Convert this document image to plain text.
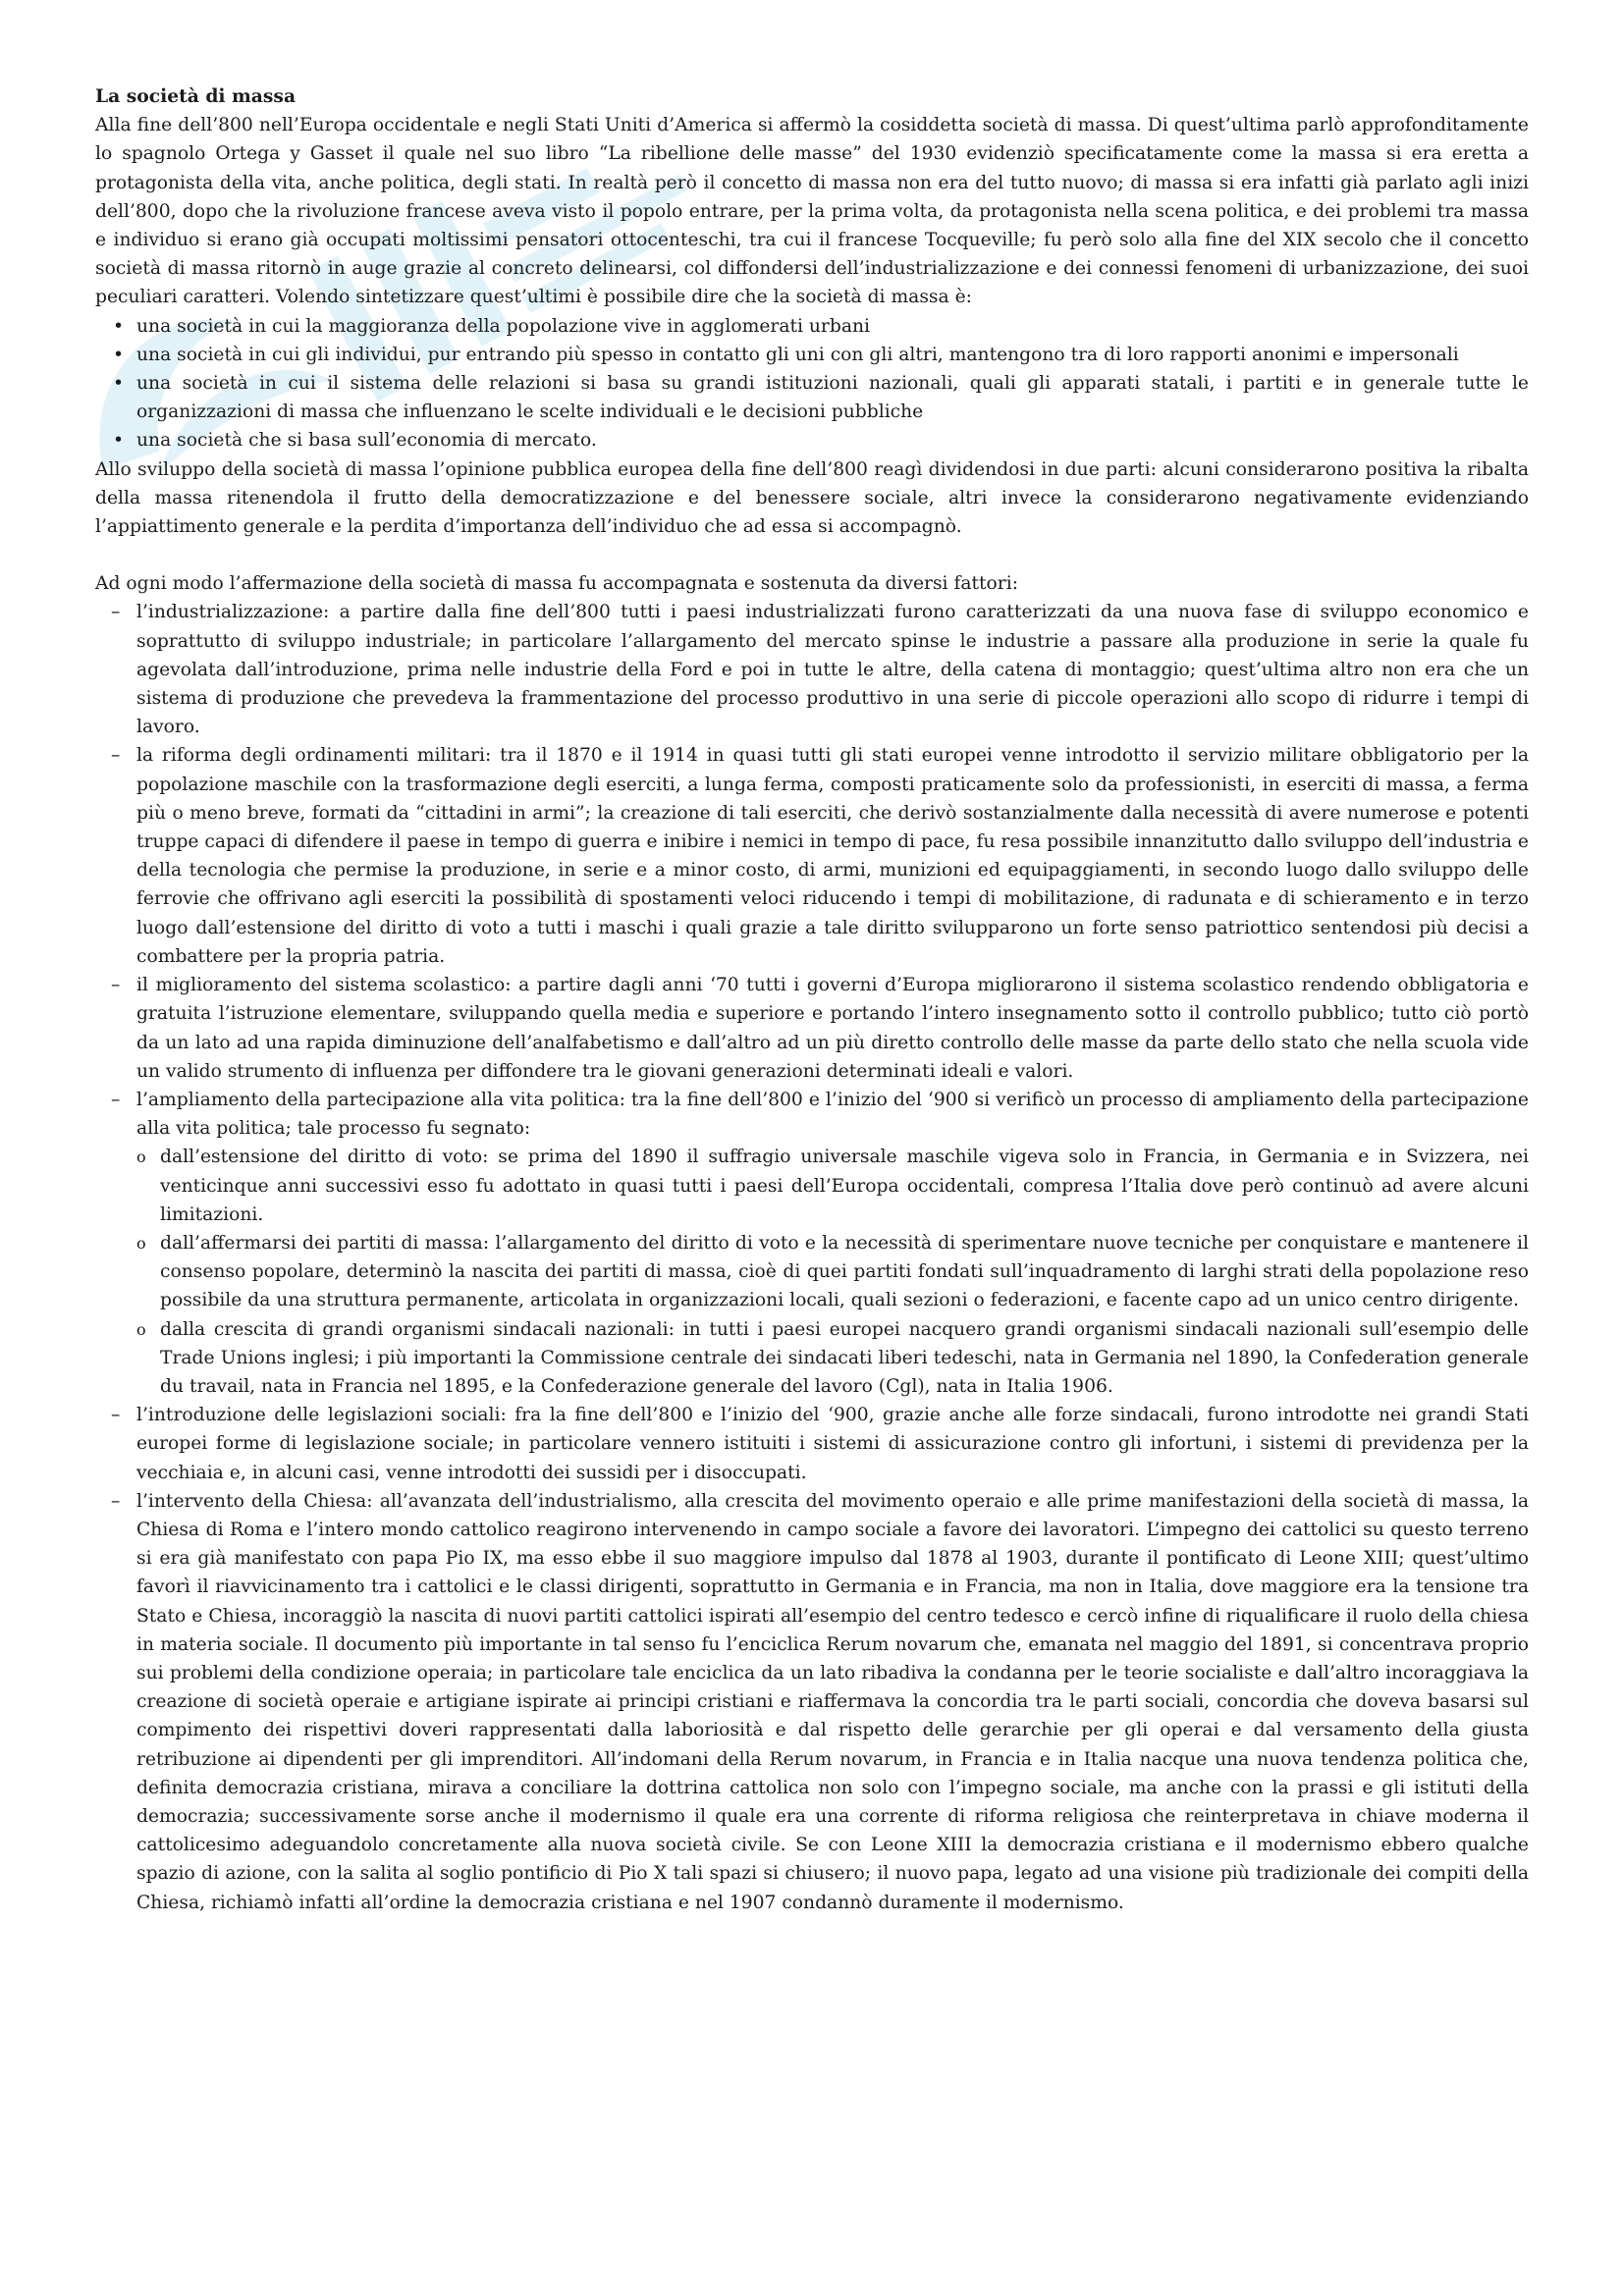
La società di massa

Alla fine dell’800 nell’Europa occidentale e negli Stati Uniti d’America si affermò la cosiddetta società di massa. Di quest’ultima parlò approfonditamente lo spagnolo Ortega y Gasset il quale nel suo libro “La ribellione delle masse” del 1930 evidenziò specificatamente come la massa si era eretta a protagonista della vita, anche politica, degli stati. In realtà però il concetto di massa non era del tutto nuovo; di massa si era infatti già parlato agli inizi dell’800, dopo che la rivoluzione francese aveva visto il popolo entrare, per la prima volta, da protagonista nella scena politica, e dei problemi tra massa e individuo si erano già occupati moltissimi pensatori ottocenteschi, tra cui il francese Tocqueville; fu però solo alla fine del XIX secolo che il concetto società di massa ritornò in auge grazie al concreto delinearsi, col diffondersi dell’industrializzazione e dei connessi fenomeni di urbanizzazione, dei suoi peculiari caratteri. Volendo sintetizzare quest’ultimi è possibile dire che la società di massa è:

• una società in cui la maggioranza della popolazione vive in agglomerati urbani
• una società in cui gli individui, pur entrando più spesso in contatto gli uni con gli altri, mantengono tra di loro rapporti anonimi e impersonali
• una società in cui il sistema delle relazioni si basa su grandi istituzioni nazionali, quali gli apparati statali, i partiti e in generale tutte le organizzazioni di massa che influenzano le scelte individuali e le decisioni pubbliche
• una società che si basa sull’economia di mercato.

Allo sviluppo della società di massa l’opinione pubblica europea della fine dell’800 reagì dividendosi in due parti: alcuni considerarono positiva la ribalta della massa ritenendola il frutto della democratizzazione e del benessere sociale, altri invece la considerarono negativamente evidenziando l’appiattimento generale e la perdita d’importanza dell’individuo che ad essa si accompagnò.

Ad ogni modo l’affermazione della società di massa fu accompagnata e sostenuta da diversi fattori:

– l’industrializzazione: a partire dalla fine dell’800 tutti i paesi industrializzati furono caratterizzati da una nuova fase di sviluppo economico e soprattutto di sviluppo industriale; in particolare l’allargamento del mercato spinse le industrie a passare alla produzione in serie la quale fu agevolata dall’introduzione, prima nelle industrie della Ford e poi in tutte le altre, della catena di montaggio; quest’ultima altro non era che un sistema di produzione che prevedeva la frammentazione del processo produttivo in una serie di piccole operazioni allo scopo di ridurre i tempi di lavoro.
– la riforma degli ordinamenti militari: tra il 1870 e il 1914 in quasi tutti gli stati europei venne introdotto il servizio militare obbligatorio per la popolazione maschile con la trasformazione degli eserciti, a lunga ferma, composti praticamente solo da professionisti, in eserciti di massa, a ferma più o meno breve, formati da “cittadini in armi”; la creazione di tali eserciti, che derivò sostanzialmente dalla necessità di avere numerose e potenti truppe capaci di difendere il paese in tempo di guerra e inibire i nemici in tempo di pace, fu resa possibile innanzitutto dallo sviluppo dell’industria e della tecnologia che permise la produzione, in serie e a minor costo, di armi, munizioni ed equipaggiamenti, in secondo luogo dallo sviluppo delle ferrovie che offrivano agli eserciti la possibilità di spostamenti veloci riducendo i tempi di mobilitazione, di radunata e di schieramento e in terzo luogo dall’estensione del diritto di voto a tutti i maschi i quali grazie a tale diritto svilupparono un forte senso patriottico sentendosi più decisi a combattere per la propria patria.
– il miglioramento del sistema scolastico: a partire dagli anni ‘70 tutti i governi d’Europa migliorarono il sistema scolastico rendendo obbligatoria e gratuita l’istruzione elementare, sviluppando quella media e superiore e portando l’intero insegnamento sotto il controllo pubblico; tutto ciò portò da un lato ad una rapida diminuzione dell’analfabetismo e dall’altro ad un più diretto controllo delle masse da parte dello stato che nella scuola vide un valido strumento di influenza per diffondere tra le giovani generazioni determinati ideali e valori.
– l’ampliamento della partecipazione alla vita politica: tra la fine dell’800 e l’inizio del ‘900 si verificò un processo di ampliamento della partecipazione alla vita politica; tale processo fu segnato:
o dall’estensione del diritto di voto: se prima del 1890 il suffragio universale maschile vigeva solo in Francia, in Germania e in Svizzera, nei venticinque anni successivi esso fu adottato in quasi tutti i paesi dell’Europa occidentali, compresa l’Italia dove però continuò ad avere alcuni limitazioni.
o dall’affermarsi dei partiti di massa: l’allargamento del diritto di voto e la necessità di sperimentare nuove tecniche per conquistare e mantenere il consenso popolare, determinò la nascita dei partiti di massa, cioè di quei partiti fondati sull’inquadramento di larghi strati della popolazione reso possibile da una struttura permanente, articolata in organizzazioni locali, quali sezioni o federazioni, e facente capo ad un unico centro dirigente.
o dalla crescita di grandi organismi sindacali nazionali: in tutti i paesi europei nacquero grandi organismi sindacali nazionali sull’esempio delle Trade Unions inglesi; i più importanti la Commissione centrale dei sindacati liberi tedeschi, nata in Germania nel 1890, la Confederation generale du travail, nata in Francia nel 1895, e la Confederazione generale del lavoro (Cgl), nata in Italia 1906.
– l’introduzione delle legislazioni sociali: fra la fine dell’800 e l’inizio del ‘900, grazie anche alle forze sindacali, furono introdotte nei grandi Stati europei forme di legislazione sociale; in particolare vennero istituiti i sistemi di assicurazione contro gli infortuni, i sistemi di previdenza per la vecchiaia e, in alcuni casi, venne introdotti dei sussidi per i disoccupati.
– l’intervento della Chiesa: all’avanzata dell’industrialismo, alla crescita del movimento operaio e alle prime manifestazioni della società di massa, la Chiesa di Roma e l’intero mondo cattolico reagirono intervenendo in campo sociale a favore dei lavoratori. L’impegno dei cattolici su questo terreno si era già manifestato con papa Pio IX, ma esso ebbe il suo maggiore impulso dal 1878 al 1903, durante il pontificato di Leone XIII; quest’ultimo favorì il riavvicinamento tra i cattolici e le classi dirigenti, soprattutto in Germania e in Francia, ma non in Italia, dove maggiore era la tensione tra Stato e Chiesa, incoraggiò la nascita di nuovi partiti cattolici ispirati all’esempio del centro tedesco e cercò infine di riqualificare il ruolo della chiesa in materia sociale. Il documento più importante in tal senso fu l’enciclica Rerum novarum che, emanata nel maggio del 1891, si concentrava proprio sui problemi della condizione operaia; in particolare tale enciclica da un lato ribadiva la condanna per le teorie socialiste e dall’altro incoraggiava la creazione di società operaie e artigiane ispirate ai principi cristiani e riaffermava la concordia tra le parti sociali, concordia che doveva basarsi sul compimento dei rispettivi doveri rappresentati dalla laboriosità e dal rispetto delle gerarchie per gli operai e dal versamento della giusta retribuzione ai dipendenti per gli imprenditori. All’indomani della Rerum novarum, in Francia e in Italia nacque una nuova tendenza politica che, definita democrazia cristiana, mirava a conciliare la dottrina cattolica non solo con l’impegno sociale, ma anche con la prassi e gli istituti della democrazia; successivamente sorse anche il modernismo il quale era una corrente di riforma religiosa che reinterpretava in chiave moderna il cattolicesimo adeguandolo concretamente alla nuova società civile. Se con Leone XIII la democrazia cristiana e il modernismo ebbero qualche spazio di azione, con la salita al soglio pontificio di Pio X tali spazi si chiusero; il nuovo papa, legato ad una visione più tradizionale dei compiti della Chiesa, richiamò infatti all’ordine la democrazia cristiana e nel 1907 condannò duramente il modernismo.
